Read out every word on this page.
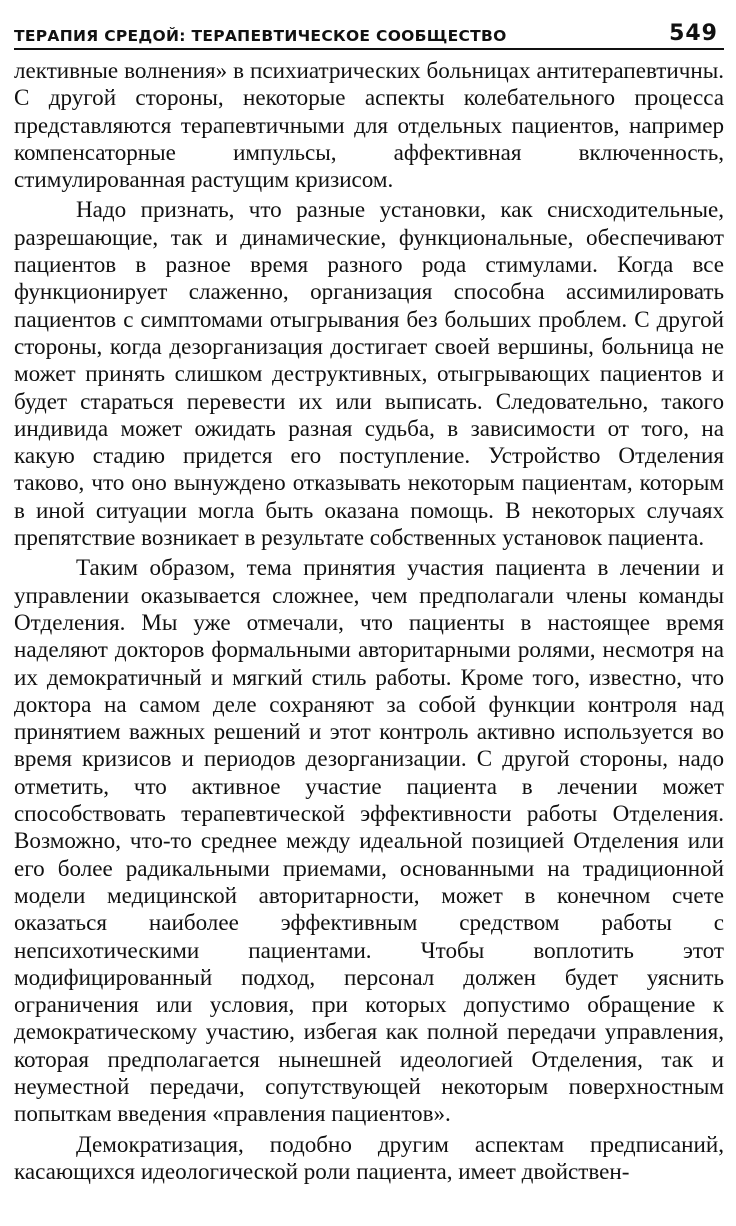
ТЕРАПИЯ СРЕДОЙ: ТЕРАПЕВТИЧЕСКОЕ СООБЩЕСТВО	549

лективные волнения» в психиатрических больницах антитерапевтичны. С другой стороны, некоторые аспекты колебательного процесса представляются терапевтичными для отдельных пациентов, например компенсаторные импульсы, аффективная включенность, стимулированная растущим кризисом.

Надо признать, что разные установки, как снисходительные, разрешающие, так и динамические, функциональные, обеспечивают пациентов в разное время разного рода стимулами. Когда все функционирует слаженно, организация способна ассимилировать пациентов с симптомами отыгрывания без больших проблем. С другой стороны, когда дезорганизация достигает своей вершины, больница не может принять слишком деструктивных, отыгрывающих пациентов и будет стараться перевести их или выписать. Следовательно, такого индивида может ожидать разная судьба, в зависимости от того, на какую стадию придется его поступление. Устройство Отделения таково, что оно вынуждено отказывать некоторым пациентам, которым в иной ситуации могла быть оказана помощь. В некоторых случаях препятствие возникает в результате собственных установок пациента.

Таким образом, тема принятия участия пациента в лечении и управлении оказывается сложнее, чем предполагали члены команды Отделения. Мы уже отмечали, что пациенты в настоящее время наделяют докторов формальными авторитарными ролями, несмотря на их демократичный и мягкий стиль работы. Кроме того, известно, что доктора на самом деле сохраняют за собой функции контроля над принятием важных решений и этот контроль активно используется во время кризисов и периодов дезорганизации. С другой стороны, надо отметить, что активное участие пациента в лечении может способствовать терапевтической эффективности работы Отделения. Возможно, что-то среднее между идеальной позицией Отделения или его более радикальными приемами, основанными на традиционной модели медицинской авторитарности, может в конечном счете оказаться наиболее эффективным средством работы с непсихотическими пациентами. Чтобы воплотить этот модифицированный подход, персонал должен будет уяснить ограничения или условия, при которых допустимо обращение к демократическому участию, избегая как полной передачи управления, которая предполагается нынешней идеологией Отделения, так и неуместной передачи, сопутствующей некоторым поверхностным попыткам введения «правления пациентов».

Демократизация, подобно другим аспектам предписаний, касающихся идеологической роли пациента, имеет двойствен-
